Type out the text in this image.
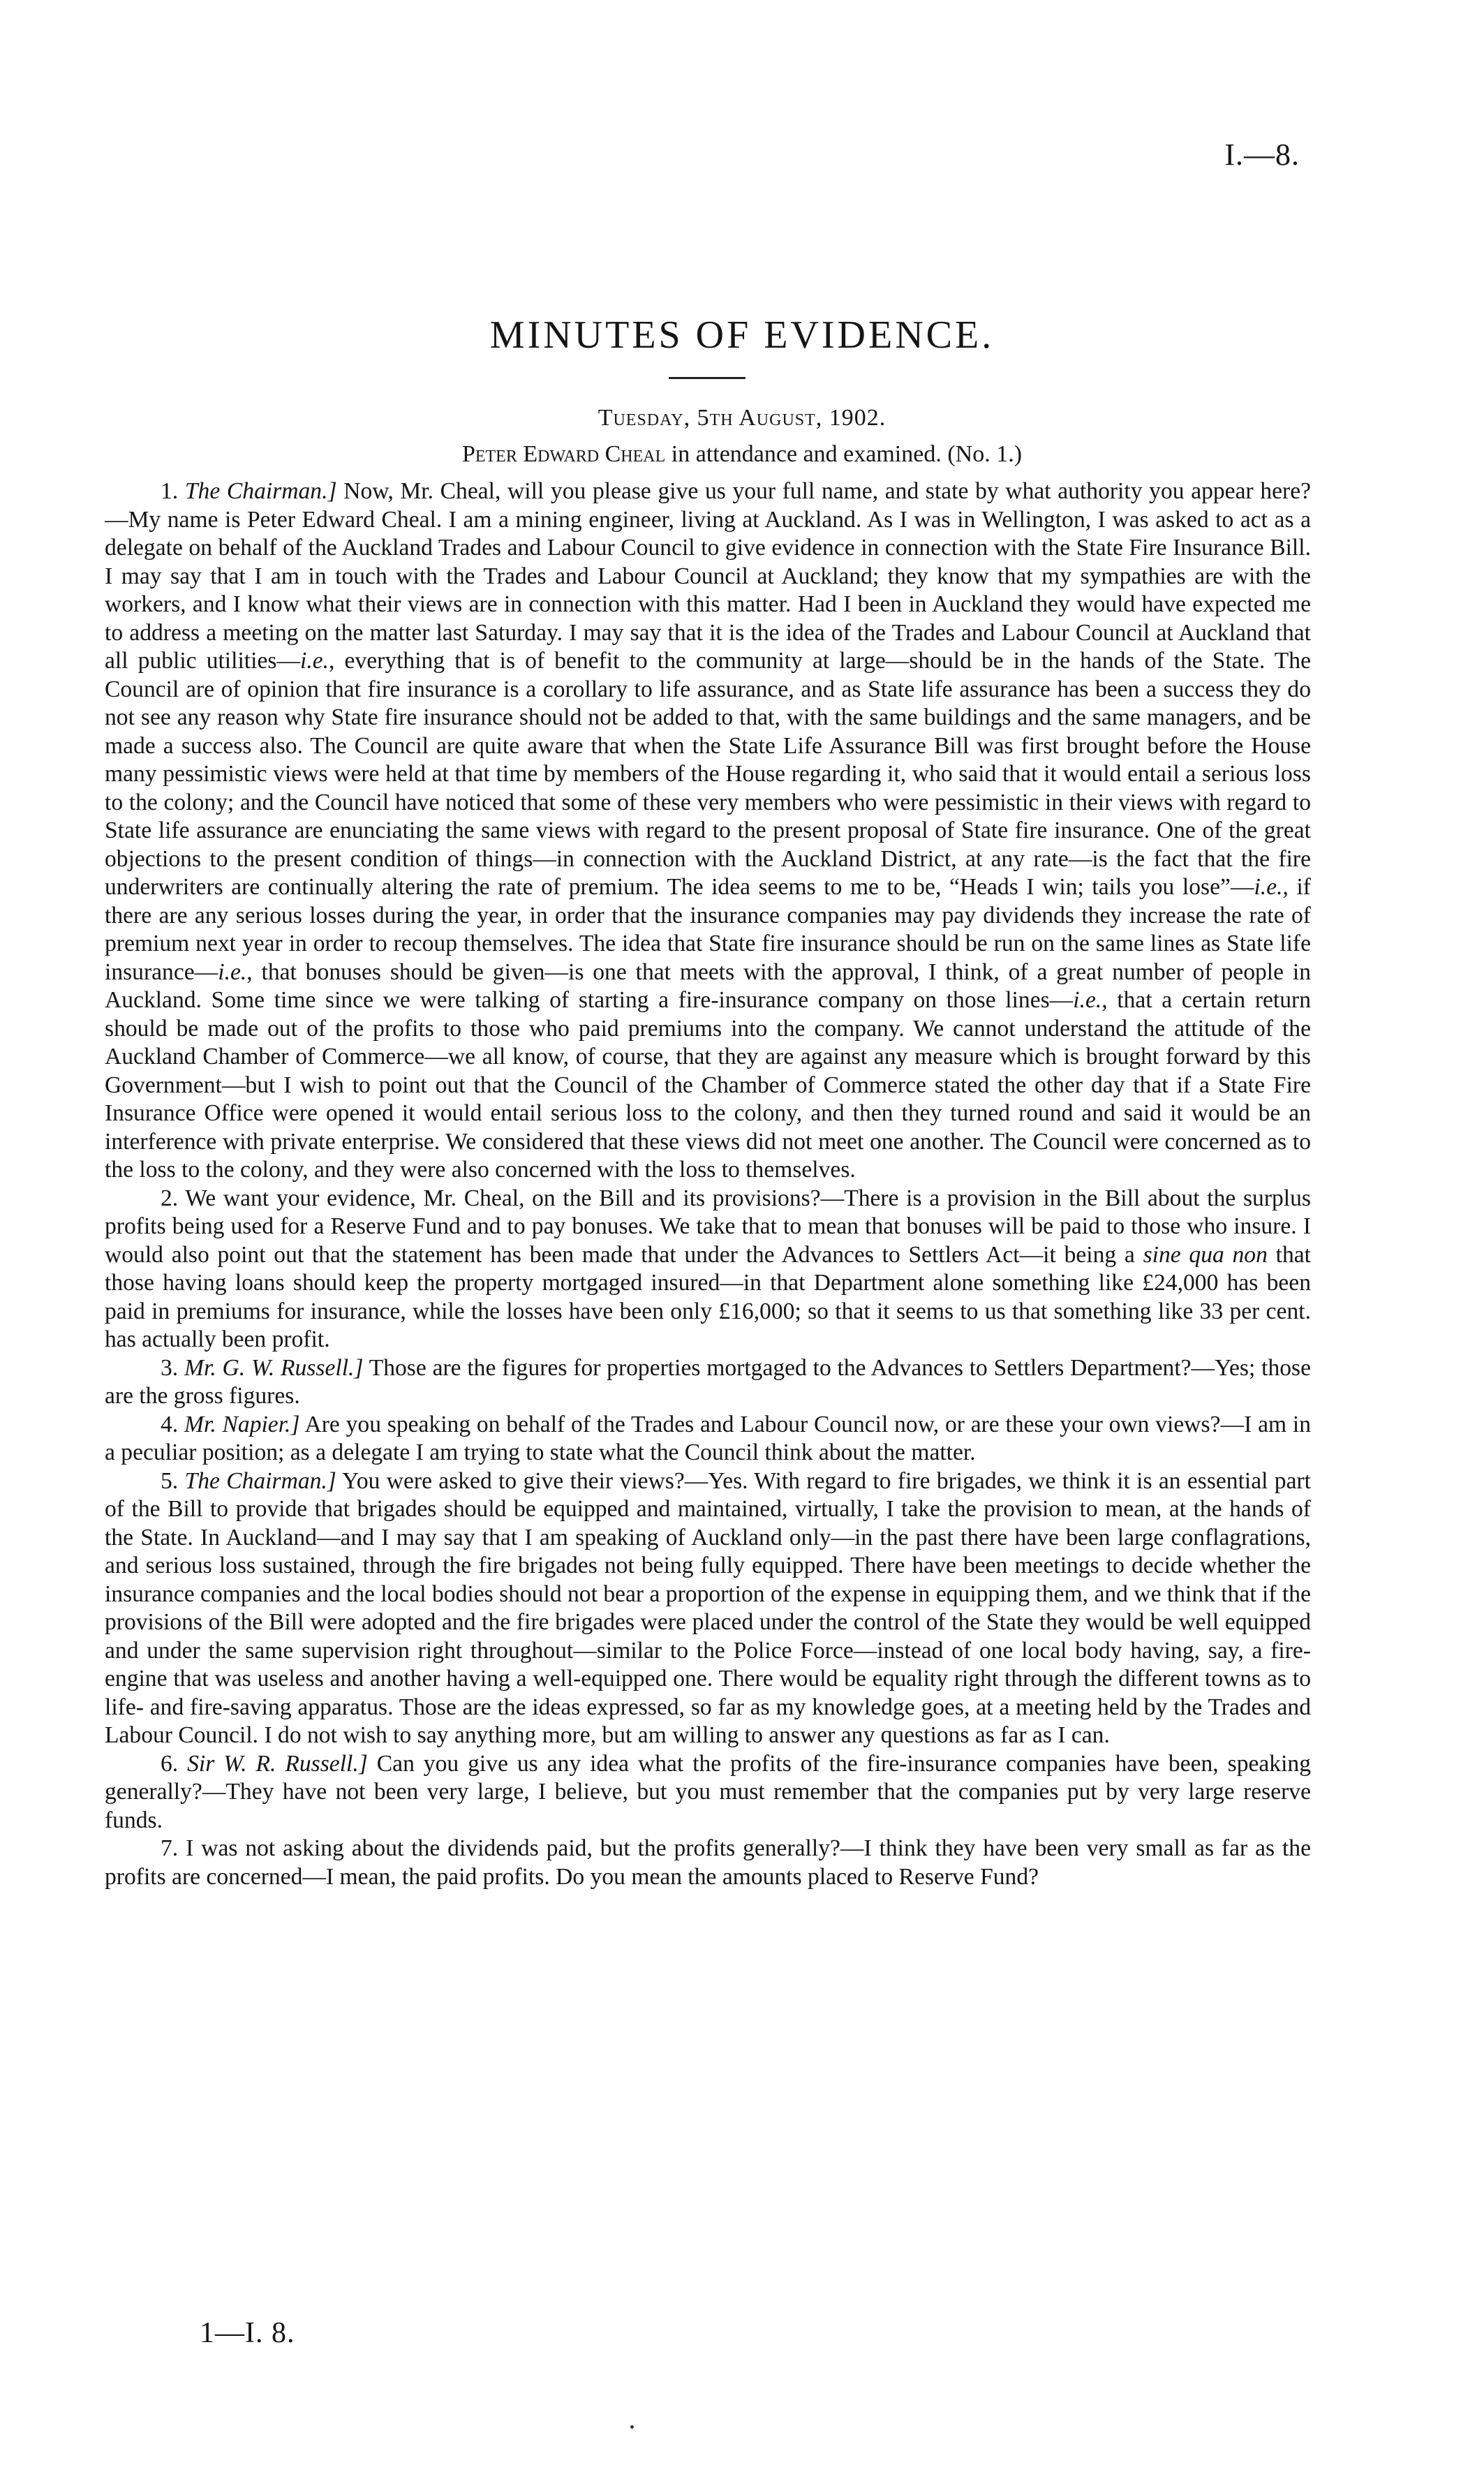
I.—8.
MINUTES OF EVIDENCE.
Tuesday, 5th August, 1902.
Peter Edward Cheal in attendance and examined. (No. 1.)

1. The Chairman.] Now, Mr. Cheal, will you please give us your full name, and state by what authority you appear here?—My name is Peter Edward Cheal. I am a mining engineer, living at Auckland. As I was in Wellington, I was asked to act as a delegate on behalf of the Auckland Trades and Labour Council to give evidence in connection with the State Fire Insurance Bill. I may say that I am in touch with the Trades and Labour Council at Auckland; they know that my sympathies are with the workers, and I know what their views are in connection with this matter. Had I been in Auckland they would have expected me to address a meeting on the matter last Saturday. I may say that it is the idea of the Trades and Labour Council at Auckland that all public utilities—i.e., everything that is of benefit to the community at large—should be in the hands of the State. The Council are of opinion that fire insurance is a corollary to life assurance, and as State life assurance has been a success they do not see any reason why State fire insurance should not be added to that, with the same buildings and the same managers, and be made a success also. The Council are quite aware that when the State Life Assurance Bill was first brought before the House many pessimistic views were held at that time by members of the House regarding it, who said that it would entail a serious loss to the colony; and the Council have noticed that some of these very members who were pessimistic in their views with regard to State life assurance are enunciating the same views with regard to the present proposal of State fire insurance. One of the great objections to the present condition of things—in connection with the Auckland District, at any rate—is the fact that the fire underwriters are continually altering the rate of premium. The idea seems to me to be, “Heads I win; tails you lose”—i.e., if there are any serious losses during the year, in order that the insurance companies may pay dividends they increase the rate of premium next year in order to recoup themselves. The idea that State fire insurance should be run on the same lines as State life insurance—i.e., that bonuses should be given—is one that meets with the approval, I think, of a great number of people in Auckland. Some time since we were talking of starting a fire-insurance company on those lines—i.e., that a certain return should be made out of the profits to those who paid premiums into the company. We cannot understand the attitude of the Auckland Chamber of Commerce—we all know, of course, that they are against any measure which is brought forward by this Government—but I wish to point out that the Council of the Chamber of Commerce stated the other day that if a State Fire Insurance Office were opened it would entail serious loss to the colony, and then they turned round and said it would be an interference with private enterprise. We considered that these views did not meet one another. The Council were concerned as to the loss to the colony, and they were also concerned with the loss to themselves.

2. We want your evidence, Mr. Cheal, on the Bill and its provisions?—There is a provision in the Bill about the surplus profits being used for a Reserve Fund and to pay bonuses. We take that to mean that bonuses will be paid to those who insure. I would also point out that the statement has been made that under the Advances to Settlers Act—it being a sine qua non that those having loans should keep the property mortgaged insured—in that Department alone something like £24,000 has been paid in premiums for insurance, while the losses have been only £16,000; so that it seems to us that something like 33 per cent. has actually been profit.

3. Mr. G. W. Russell.] Those are the figures for properties mortgaged to the Advances to Settlers Department?—Yes; those are the gross figures.

4. Mr. Napier.] Are you speaking on behalf of the Trades and Labour Council now, or are these your own views?—I am in a peculiar position; as a delegate I am trying to state what the Council think about the matter.

5. The Chairman.] You were asked to give their views?—Yes. With regard to fire brigades, we think it is an essential part of the Bill to provide that brigades should be equipped and maintained, virtually, I take the provision to mean, at the hands of the State. In Auckland—and I may say that I am speaking of Auckland only—in the past there have been large conflagrations, and serious loss sustained, through the fire brigades not being fully equipped. There have been meetings to decide whether the insurance companies and the local bodies should not bear a proportion of the expense in equipping them, and we think that if the provisions of the Bill were adopted and the fire brigades were placed under the control of the State they would be well equipped and under the same supervision right throughout—similar to the Police Force—instead of one local body having, say, a fire-engine that was useless and another having a well-equipped one. There would be equality right through the different towns as to life- and fire-saving apparatus. Those are the ideas expressed, so far as my knowledge goes, at a meeting held by the Trades and Labour Council. I do not wish to say anything more, but am willing to answer any questions as far as I can.

6. Sir W. R. Russell.] Can you give us any idea what the profits of the fire-insurance companies have been, speaking generally?—They have not been very large, I believe, but you must remember that the companies put by very large reserve funds.

7. I was not asking about the dividends paid, but the profits generally?—I think they have been very small as far as the profits are concerned—I mean, the paid profits. Do you mean the amounts placed to Reserve Fund?

1—I. 8.
